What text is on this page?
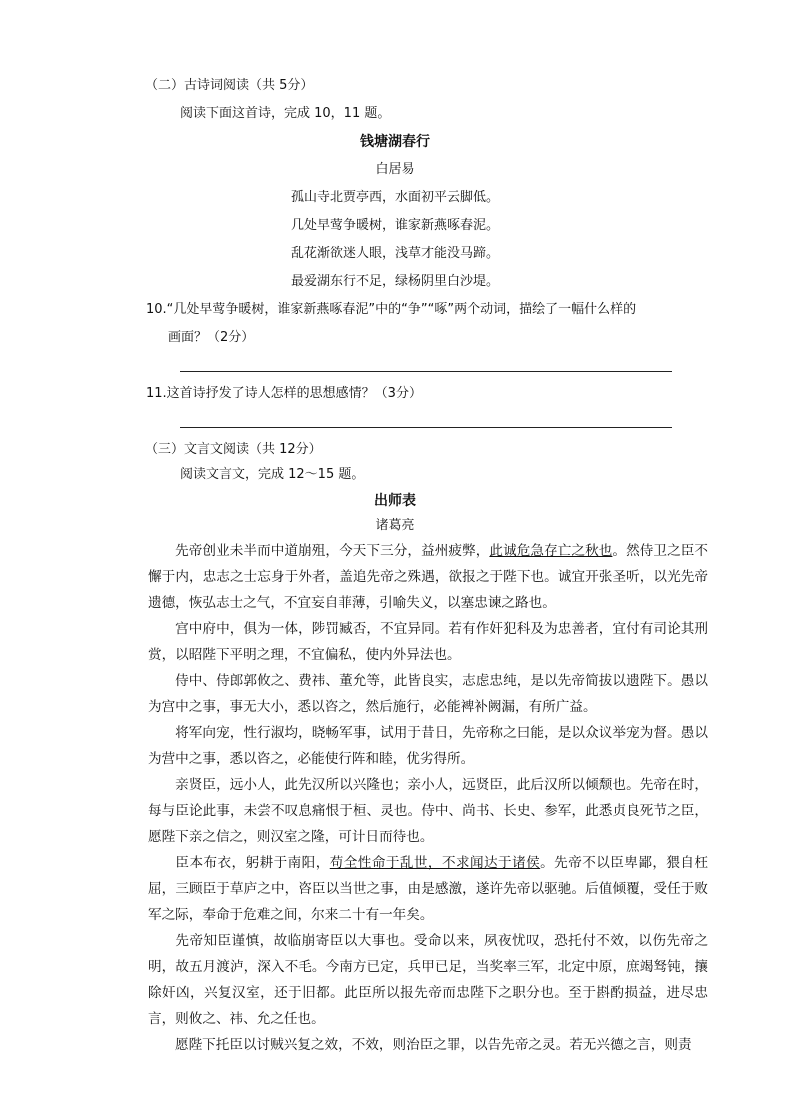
（二）古诗词阅读（共 5分）
阅读下面这首诗，完成 10，11 题。
钱塘湖春行
白居易
孤山寺北贾亭西，水面初平云脚低。
几处早莺争暖树，谁家新燕啄春泥。
乱花渐欲迷人眼，浅草才能没马蹄。
最爱湖东行不足，绿杨阴里白沙堤。
10.“几处早莺争暖树，谁家新燕啄春泥”中的“争”“啄”两个动词，描绘了一幅什么样的
画面？（2分）
11.这首诗抒发了诗人怎样的思想感情？（3分）
（三）文言文阅读（共 12分）
阅读文言文，完成 12～15 题。
出师表
诸葛亮
先帝创业未半而中道崩殂，今天下三分，益州疲弊，此诚危急存亡之秋也。然侍卫之臣不懈于内，忠志之士忘身于外者，盖追先帝之殊遇，欲报之于陛下也。诚宜开张圣听，以光先帝遗德，恢弘志士之气，不宜妄自菲薄，引喻失义，以塞忠谏之路也。
宫中府中，俱为一体，陟罚臧否，不宜异同。若有作奸犯科及为忠善者，宜付有司论其刑赏，以昭陛下平明之理，不宜偏私，使内外异法也。
侍中、侍郎郭攸之、费祎、董允等，此皆良实，志虑忠纯，是以先帝简拔以遗陛下。愚以为宫中之事，事无大小，悉以咨之，然后施行，必能裨补阙漏，有所广益。
将军向宠，性行淑均，晓畅军事，试用于昔日，先帝称之曰能，是以众议举宠为督。愚以为营中之事，悉以咨之，必能使行阵和睦，优劣得所。
亲贤臣，远小人，此先汉所以兴隆也；亲小人，远贤臣，此后汉所以倾颓也。先帝在时，每与臣论此事，未尝不叹息痛恨于桓、灵也。侍中、尚书、长史、参军，此悉贞良死节之臣，愿陛下亲之信之，则汉室之隆，可计日而待也。
臣本布衣，躬耕于南阳，苟全性命于乱世，不求闻达于诸侯。先帝不以臣卑鄙，猥自枉屈，三顾臣于草庐之中，咨臣以当世之事，由是感激，遂许先帝以驱驰。后值倾覆，受任于败军之际，奉命于危难之间，尔来二十有一年矣。
先帝知臣谨慎，故临崩寄臣以大事也。受命以来，夙夜忧叹，恐托付不效，以伤先帝之明，故五月渡泸，深入不毛。今南方已定，兵甲已足，当奖率三军，北定中原，庶竭驽钝，攘除奸凶，兴复汉室，还于旧都。此臣所以报先帝而忠陛下之职分也。至于斟酌损益，进尽忠言，则攸之、祎、允之任也。
愿陛下托臣以讨贼兴复之效，不效，则治臣之罪，以告先帝之灵。若无兴德之言，则责
